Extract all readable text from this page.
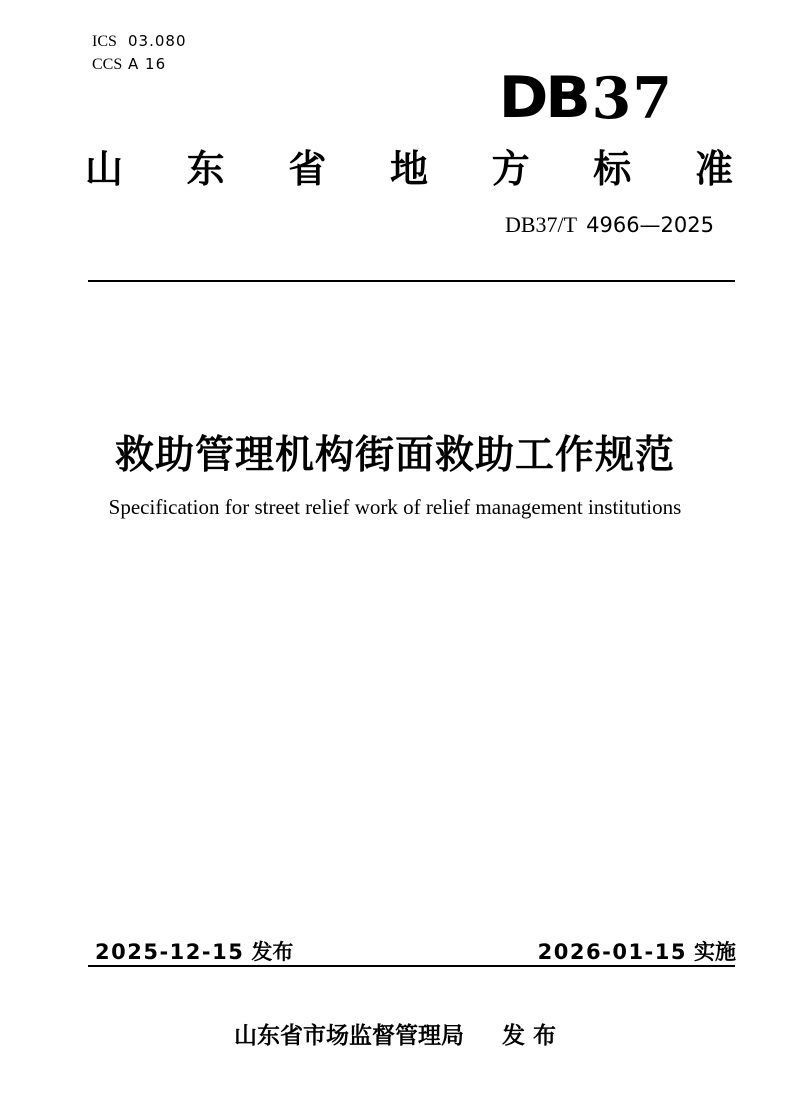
ICS 03.080
CCS A 16
DB 37
山 东 省 地 方 标 准
DB37/T 4966—2025
救助管理机构街面救助工作规范
Specification for street relief work of relief management institutions
2025-12-15 发布	2026-01-15 实施
山东省市场监督管理局 发 布
